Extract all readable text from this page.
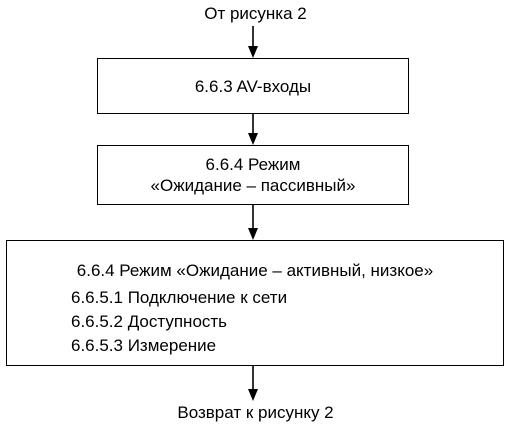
От рисунка 2
6.6.3 AV-входы
6.6.4 Режим
«Ожидание – пассивный»
6.6.4 Режим «Ожидание – активный, низкое»
6.6.5.1 Подключение к сети
6.6.5.2 Доступность
6.6.5.3 Измерение
Возврат к рисунку 2
